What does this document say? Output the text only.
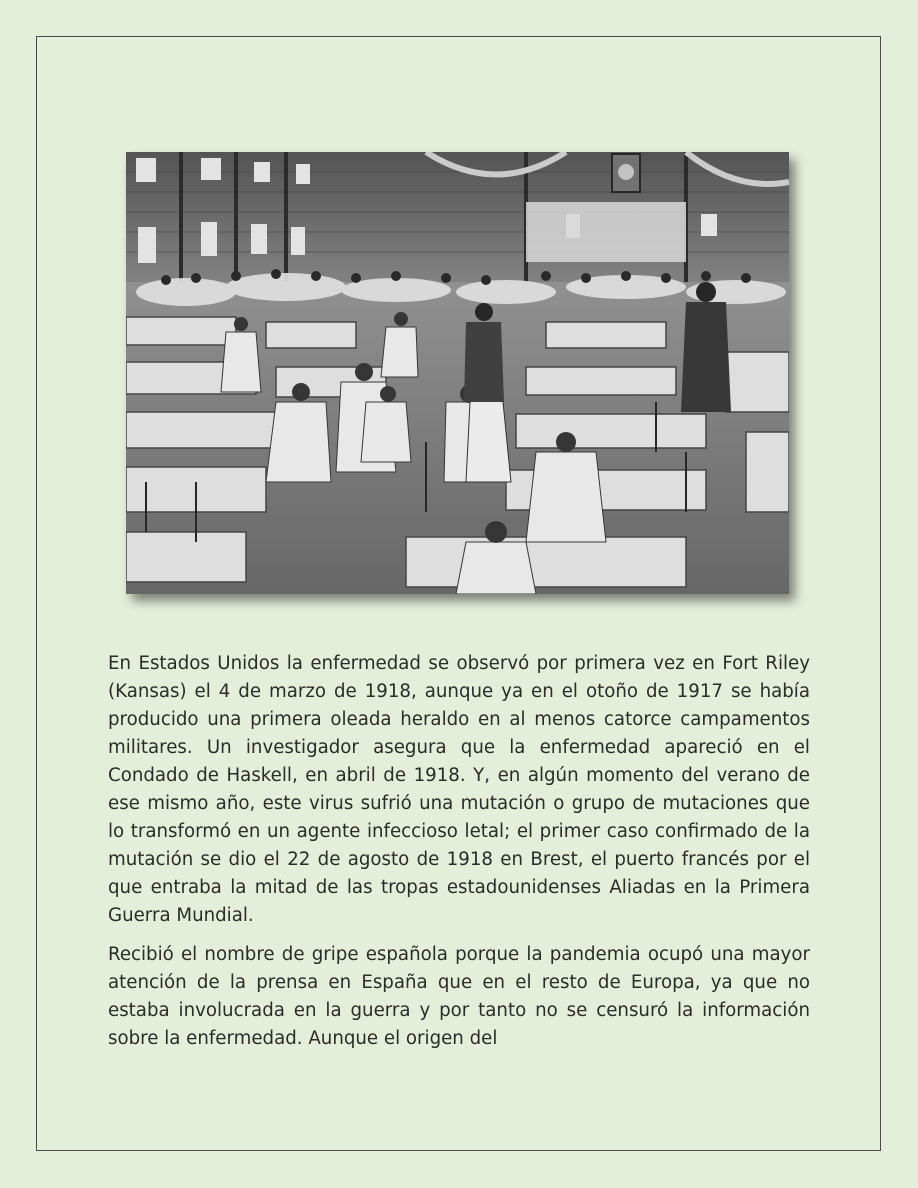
En Estados Unidos la enfermedad se observó por primera vez en Fort Riley (Kansas) el 4 de marzo de 1918, aunque ya en el otoño de 1917 se había producido una primera oleada heraldo en al menos catorce campamentos militares. Un investigador asegura que la enfermedad apareció en el Condado de Haskell, en abril de 1918. Y, en algún momento del verano de ese mismo año, este virus sufrió una mutación o grupo de mutaciones que lo transformó en un agente infeccioso letal; el primer caso confirmado de la mutación se dio el 22 de agosto de 1918 en Brest, el puerto francés por el que entraba la mitad de las tropas estadounidenses Aliadas en la Primera Guerra Mundial.

Recibió el nombre de gripe española porque la pandemia ocupó una mayor atención de la prensa en España que en el resto de Europa, ya que no estaba involucrada en la guerra y por tanto no se censuró la información sobre la enfermedad. Aunque el origen del
